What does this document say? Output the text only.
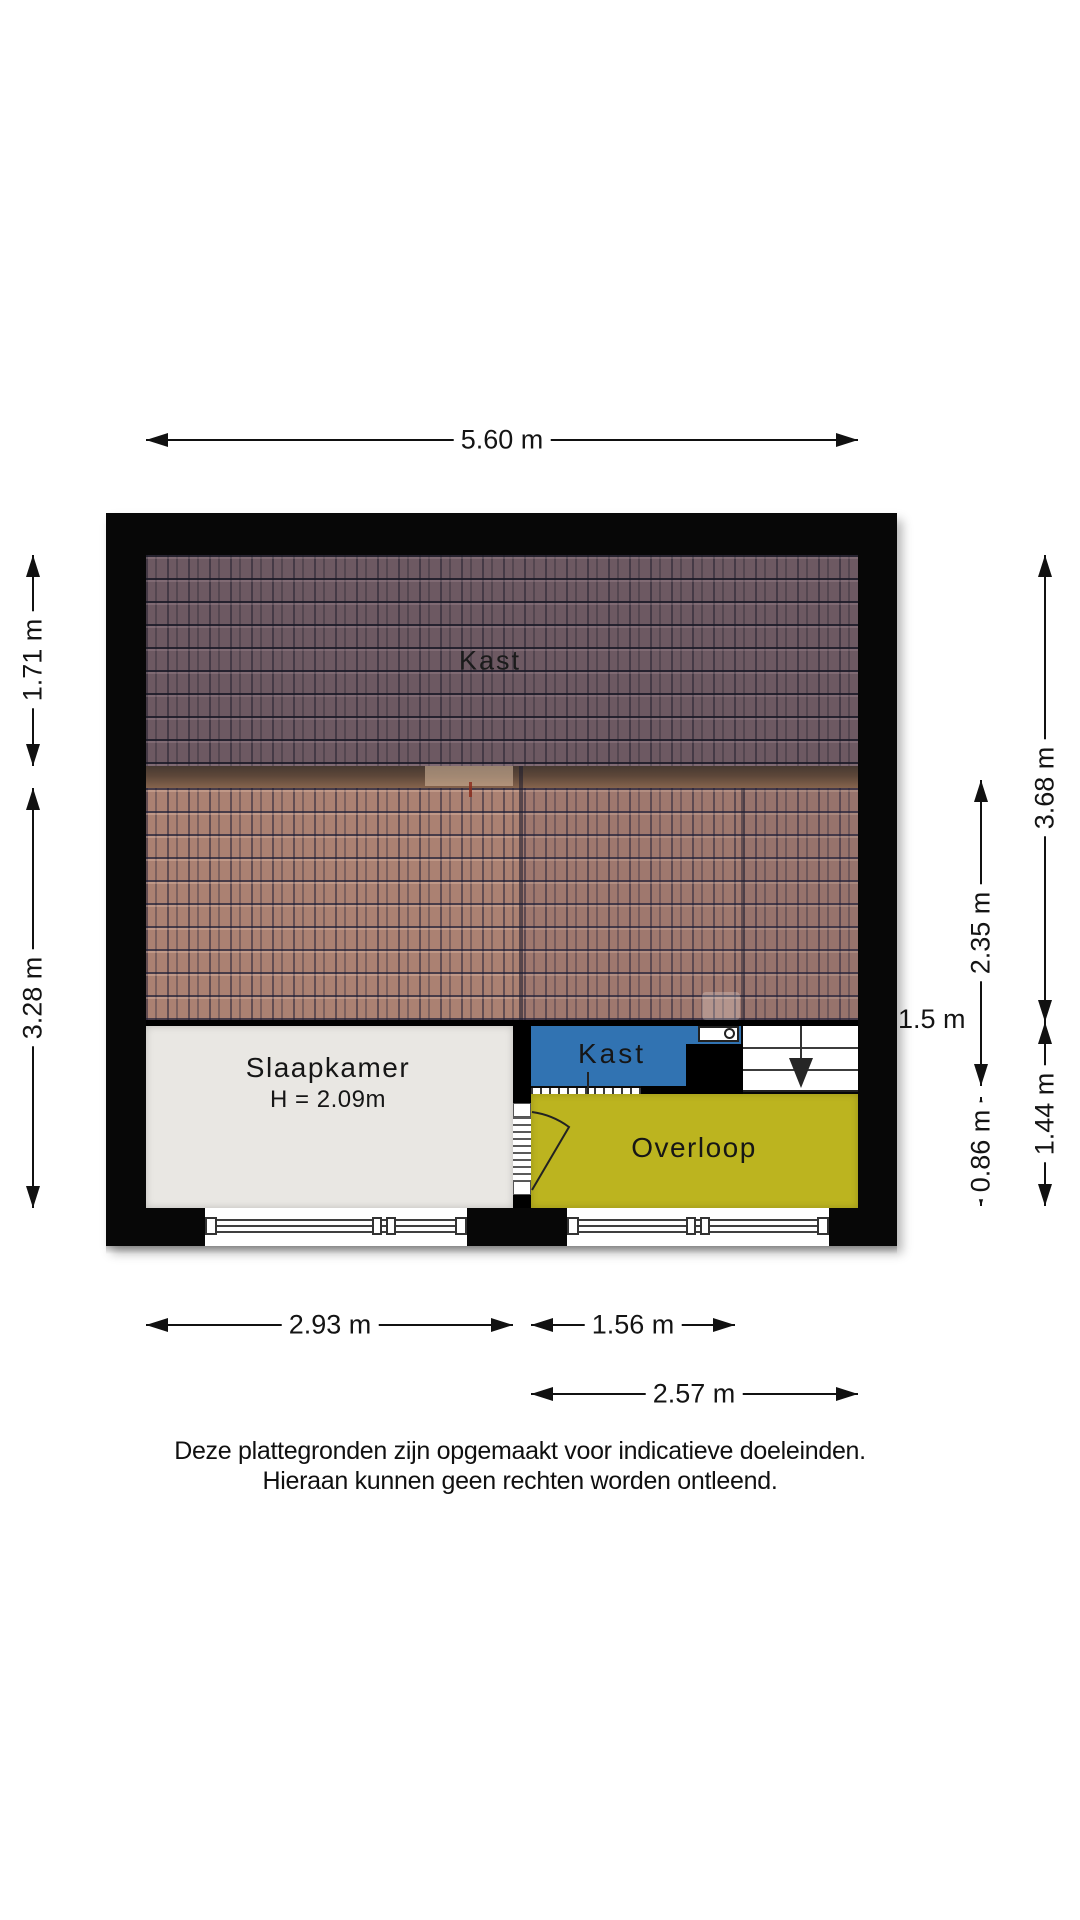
Kast
Slaapkamer
H = 2.09m
Kast
Overloop
5.60 m
1.71 m
3.28 m
2.35 m
0.86 m
3.68 m
1.44 m
2.93 m	1.56 m
2.57 m
1.5 m
Deze plattegronden zijn opgemaakt voor indicatieve doeleinden.
Hieraan kunnen geen rechten worden ontleend.
